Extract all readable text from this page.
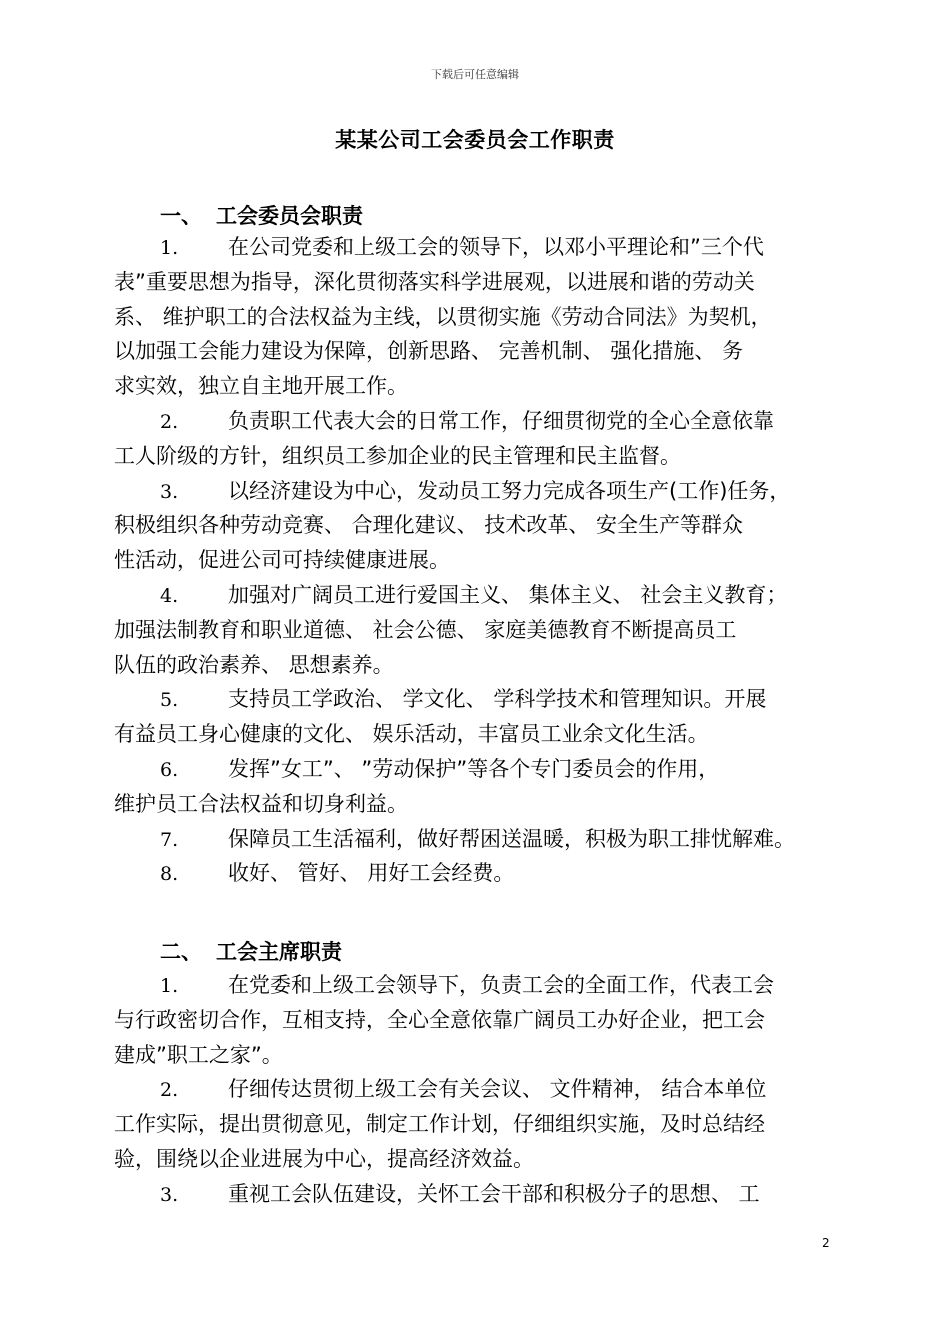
下载后可任意编辑
某某公司工会委员会工作职责
一、 工会委员会职责
1. 在公司党委和上级工会的领导下，以邓小平理论和”三个代
表”重要思想为指导，深化贯彻落实科学进展观，以进展和谐的劳动关
系、 维护职工的合法权益为主线，以贯彻实施《劳动合同法》为契机，
以加强工会能力建设为保障，创新思路、 完善机制、 强化措施、 务
求实效，独立自主地开展工作。
2. 负责职工代表大会的日常工作，仔细贯彻党的全心全意依靠
工人阶级的方针，组织员工参加企业的民主管理和民主监督。
3. 以经济建设为中心，发动员工努力完成各项生产(工作)任务，
积极组织各种劳动竞赛、 合理化建议、 技术改革、 安全生产等群众
性活动，促进公司可持续健康进展。
4. 加强对广阔员工进行爱国主义、 集体主义、 社会主义教育；
加强法制教育和职业道德、 社会公德、 家庭美德教育不断提高员工
队伍的政治素养、 思想素养。
5. 支持员工学政治、 学文化、 学科学技术和管理知识。开展
有益员工身心健康的文化、 娱乐活动，丰富员工业余文化生活。
6. 发挥”女工”、 ”劳动保护”等各个专门委员会的作用，
维护员工合法权益和切身利益。
7. 保障员工生活福利，做好帮困送温暖，积极为职工排忧解难。
8. 收好、 管好、 用好工会经费。
二、 工会主席职责
1. 在党委和上级工会领导下，负责工会的全面工作，代表工会
与行政密切合作，互相支持，全心全意依靠广阔员工办好企业，把工会
建成”职工之家”。
2. 仔细传达贯彻上级工会有关会议、 文件精神， 结合本单位
工作实际，提出贯彻意见，制定工作计划，仔细组织实施，及时总结经
验，围绕以企业进展为中心，提高经济效益。
3. 重视工会队伍建设，关怀工会干部和积极分子的思想、 工
2
